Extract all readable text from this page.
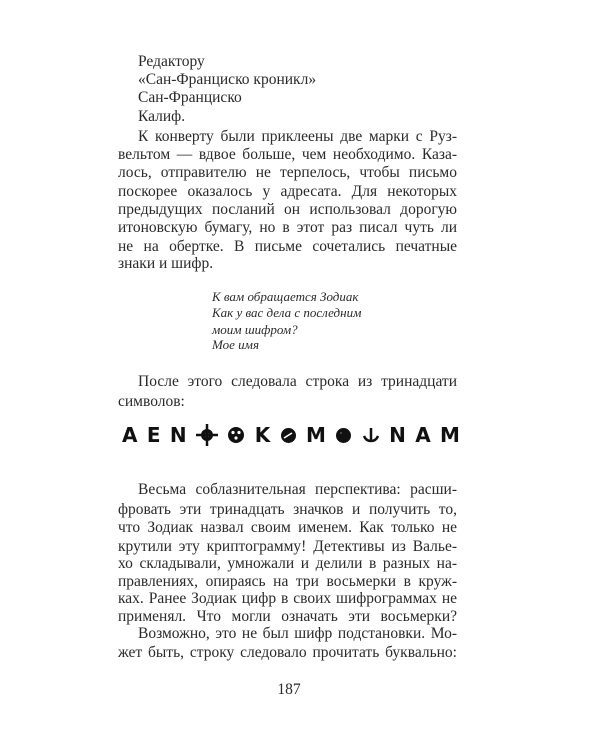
Редактору
«Сан-Франциско кроникл»
Сан-Франциско
Калиф.
К конверту были приклеены две марки с Руз-
вельтом — вдвое больше, чем необходимо. Каза-
лось, отправителю не терпелось, чтобы письмо
поскорее оказалось у адресата. Для некоторых
предыдущих посланий он использовал дорогую
итоновскую бумагу, но в этот раз писал чуть ли
не на обертке. В письме сочетались печатные
знаки и шифр.
К вам обращается Зодиак
Как у вас дела с последним
моим шифром?
Мое имя
После этого следовала строка из тринадцати
символов:
A E N	K M	N A M
Весьма соблазнительная перспектива: расши-
фровать эти тринадцать значков и получить то,
что Зодиак назвал своим именем. Как только не
крутили эту криптограмму! Детективы из Валье-
хо складывали, умножали и делили в разных на-
правлениях, опираясь на три восьмерки в круж-
ках. Ранее Зодиак цифр в своих шифрограммах не
применял. Что могли означать эти восьмерки?
Возможно, это не был шифр подстановки. Мо-
жет быть, строку следовало прочитать буквально:
187
